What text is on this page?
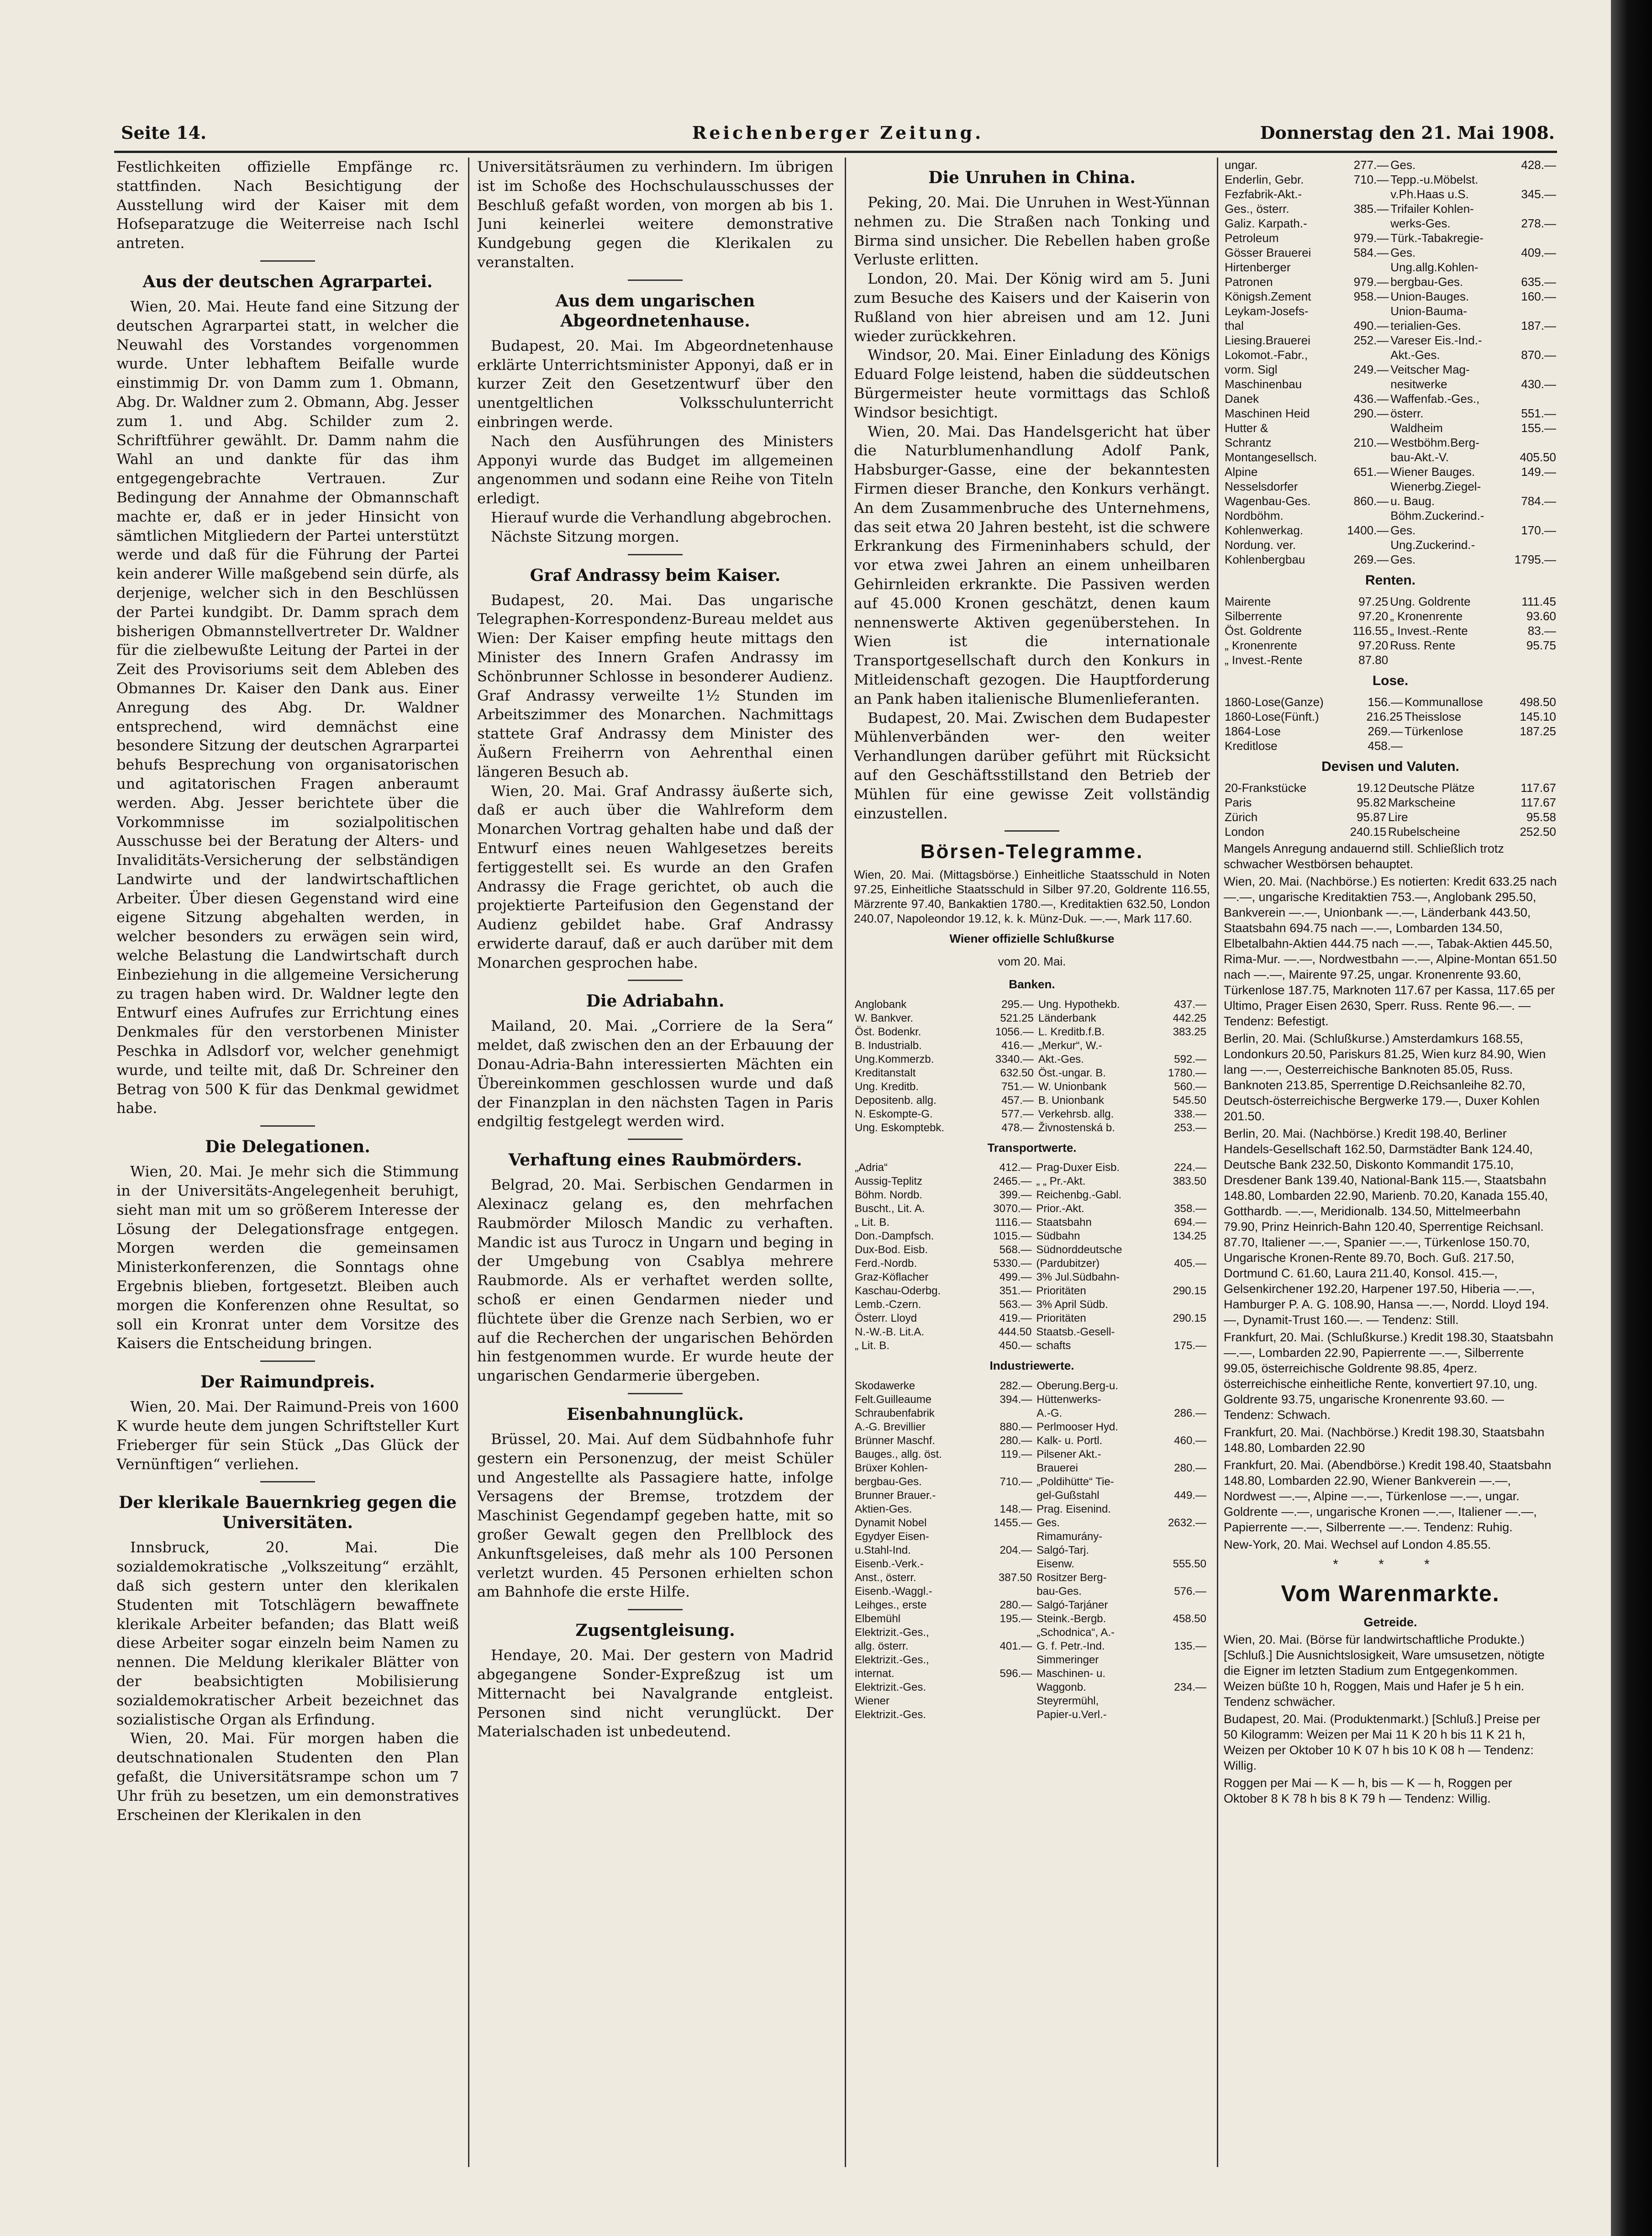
Seite 14.	Reichenberger Zeitung.	Donnerstag den 21. Mai 1908.

Festlichkeiten offizielle Empfänge rc. stattfinden. Nach Besichtigung der Ausstellung wird der Kaiser mit dem Hofseparatzuge die Weiterreise nach Ischl antreten.

Aus der deutschen Agrarpartei.

Wien, 20. Mai. Heute fand eine Sitzung der deutschen Agrarpartei statt, in welcher die Neuwahl des Vorstandes vorgenommen wurde. Unter lebhaftem Beifalle wurde einstimmig Dr. von Damm zum 1. Obmann, Abg. Dr. Waldner zum 2. Obmann, Abg. Jesser zum 1. und Abg. Schilder zum 2. Schriftführer gewählt. Dr. Damm nahm die Wahl an und dankte für das ihm entgegengebrachte Vertrauen. Zur Bedingung der Annahme der Obmannschaft machte er, daß er in jeder Hinsicht von sämtlichen Mitgliedern der Partei unterstützt werde und daß für die Führung der Partei kein anderer Wille maßgebend sein dürfe, als derjenige, welcher sich in den Beschlüssen der Partei kundgibt. Dr. Damm sprach dem bisherigen Obmannstellvertreter Dr. Waldner für die zielbewußte Leitung der Partei in der Zeit des Provisoriums seit dem Ableben des Obmannes Dr. Kaiser den Dank aus. Einer Anregung des Abg. Dr. Waldner entsprechend, wird demnächst eine besondere Sitzung der deutschen Agrarpartei behufs Besprechung von organisatorischen und agitatorischen Fragen anberaumt werden. Abg. Jesser berichtete über die Vorkommnisse im sozialpolitischen Ausschusse bei der Beratung der Alters- und Invaliditäts-Versicherung der selbständigen Landwirte und der landwirtschaftlichen Arbeiter. Über diesen Gegenstand wird eine eigene Sitzung abgehalten werden, in welcher besonders zu erwägen sein wird, welche Belastung die Landwirtschaft durch Einbeziehung in die allgemeine Versicherung zu tragen haben wird. Dr. Waldner legte den Entwurf eines Aufrufes zur Errichtung eines Denkmales für den verstorbenen Minister Peschka in Adlsdorf vor, welcher genehmigt wurde, und teilte mit, daß Dr. Schreiner den Betrag von 500 K für das Denkmal gewidmet habe.

Die Delegationen.

Wien, 20. Mai. Je mehr sich die Stimmung in der Universitäts-Angelegenheit beruhigt, sieht man mit um so größerem Interesse der Lösung der Delegationsfrage entgegen. Morgen werden die gemeinsamen Ministerkonferenzen, die Sonntags ohne Ergebnis blieben, fortgesetzt. Bleiben auch morgen die Konferenzen ohne Resultat, so soll ein Kronrat unter dem Vorsitze des Kaisers die Entscheidung bringen.

Der Raimundpreis.

Wien, 20. Mai. Der Raimund-Preis von 1600 K wurde heute dem jungen Schriftsteller Kurt Frieberger für sein Stück „Das Glück der Vernünftigen“ verliehen.

Der klerikale Bauernkrieg gegen die Universitäten.

Innsbruck, 20. Mai. Die sozialdemokratische „Volkszeitung“ erzählt, daß sich gestern unter den klerikalen Studenten mit Totschlägern bewaffnete klerikale Arbeiter befanden; das Blatt weiß diese Arbeiter sogar einzeln beim Namen zu nennen. Die Meldung klerikaler Blätter von der beabsichtigten Mobilisierung sozialdemokratischer Arbeit bezeichnet das sozialistische Organ als Erfindung.

Wien, 20. Mai. Für morgen haben die deutschnationalen Studenten den Plan gefaßt, die Universitätsrampe schon um 7 Uhr früh zu besetzen, um ein demonstratives Erscheinen der Klerikalen in den

Universitätsräumen zu verhindern. Im übrigen ist im Schoße des Hochschulausschusses der Beschluß gefaßt worden, von morgen ab bis 1. Juni keinerlei weitere demonstrative Kundgebung gegen die Klerikalen zu veranstalten.

Aus dem ungarischen Abgeordnetenhause.

Budapest, 20. Mai. Im Abgeordnetenhause erklärte Unterrichtsminister Apponyi, daß er in kurzer Zeit den Gesetzentwurf über den unentgeltlichen Volksschulunterricht einbringen werde.

Nach den Ausführungen des Ministers Apponyi wurde das Budget im allgemeinen angenommen und sodann eine Reihe von Titeln erledigt.

Hierauf wurde die Verhandlung abgebrochen.

Nächste Sitzung morgen.

Graf Andrassy beim Kaiser.

Budapest, 20. Mai. Das ungarische Telegraphen-Korrespondenz-Bureau meldet aus Wien: Der Kaiser empfing heute mittags den Minister des Innern Grafen Andrassy im Schönbrunner Schlosse in besonderer Audienz. Graf Andrassy verweilte 1½ Stunden im Arbeitszimmer des Monarchen. Nachmittags stattete Graf Andrassy dem Minister des Äußern Freiherrn von Aehrenthal einen längeren Besuch ab.

Wien, 20. Mai. Graf Andrassy äußerte sich, daß er auch über die Wahlreform dem Monarchen Vortrag gehalten habe und daß der Entwurf eines neuen Wahlgesetzes bereits fertiggestellt sei. Es wurde an den Grafen Andrassy die Frage gerichtet, ob auch die projektierte Parteifusion den Gegenstand der Audienz gebildet habe. Graf Andrassy erwiderte darauf, daß er auch darüber mit dem Monarchen gesprochen habe.

Die Adriabahn.

Mailand, 20. Mai. „Corriere de la Sera“ meldet, daß zwischen den an der Erbauung der Donau-Adria-Bahn interessierten Mächten ein Übereinkommen geschlossen wurde und daß der Finanzplan in den nächsten Tagen in Paris endgiltig festgelegt werden wird.

Verhaftung eines Raubmörders.

Belgrad, 20. Mai. Serbischen Gendarmen in Alexinacz gelang es, den mehrfachen Raubmörder Milosch Mandic zu verhaften. Mandic ist aus Turocz in Ungarn und beging in der Umgebung von Csablya mehrere Raubmorde. Als er verhaftet werden sollte, schoß er einen Gendarmen nieder und flüchtete über die Grenze nach Serbien, wo er auf die Recherchen der ungarischen Behörden hin festgenommen wurde. Er wurde heute der ungarischen Gendarmerie übergeben.

Eisenbahnunglück.

Brüssel, 20. Mai. Auf dem Südbahnhofe fuhr gestern ein Personenzug, der meist Schüler und Angestellte als Passagiere hatte, infolge Versagens der Bremse, trotzdem der Maschinist Gegendampf gegeben hatte, mit so großer Gewalt gegen den Prellblock des Ankunftsgeleises, daß mehr als 100 Personen verletzt wurden. 45 Personen erhielten schon am Bahnhofe die erste Hilfe.

Zugsentgleisung.

Hendaye, 20. Mai. Der gestern von Madrid abgegangene Sonder-Expreßzug ist um Mitternacht bei Navalgrande entgleist. Personen sind nicht verunglückt. Der Materialschaden ist unbedeutend.

Die Unruhen in China.

Peking, 20. Mai. Die Unruhen in West-Yünnan nehmen zu. Die Straßen nach Tonking und Birma sind unsicher. Die Rebellen haben große Verluste erlitten.

London, 20. Mai. Der König wird am 5. Juni zum Besuche des Kaisers und der Kaiserin von Rußland von hier abreisen und am 12. Juni wieder zurückkehren.

Windsor, 20. Mai. Einer Einladung des Königs Eduard Folge leistend, haben die süddeutschen Bürgermeister heute vormittags das Schloß Windsor besichtigt.

Wien, 20. Mai. Das Handelsgericht hat über die Naturblumenhandlung Adolf Pank, Habsburger-Gasse, eine der bekanntesten Firmen dieser Branche, den Konkurs verhängt. An dem Zusammenbruche des Unternehmens, das seit etwa 20 Jahren besteht, ist die schwere Erkrankung des Firmeninhabers schuld, der vor etwa zwei Jahren an einem unheilbaren Gehirnleiden erkrankte. Die Passiven werden auf 45.000 Kronen geschätzt, denen kaum nennenswerte Aktiven gegenüberstehen. In Wien ist die internationale Transportgesellschaft durch den Konkurs in Mitleidenschaft gezogen. Die Hauptforderung an Pank haben italienische Blumenlieferanten.

Budapest, 20. Mai. Zwischen dem Budapester Mühlenverbänden wer- den weiter Verhandlungen darüber geführt mit Rücksicht auf den Geschäftsstillstand den Betrieb der Mühlen für eine gewisse Zeit vollständig einzustellen.

Börsen-Telegramme.

Wien, 20. Mai. (Mittagsbörse.) Einheitliche Staatsschuld in Noten 97.25, Einheitliche Staatsschuld in Silber 97.20, Goldrente 116.55, Märzrente 97.40, Bankaktien 1780.—, Kreditaktien 632.50, London 240.07, Napoleondor 19.12, k. k. Münz-Duk. —.—, Mark 117.60.

Wiener offizielle Schlußkurse
vom 20. Mai.
Banken.
Anglobank	295.—	Ung. Hypothekb.	437.—
W. Bankver.	521.25	Länderbank	442.25
Öst. Bodenkr.	1056.—	L. Kreditb.f.B.	383.25
B. Industrialb.	416.—	„Merkur“, W.-	
Ung.Kommerzb.	3340.—	Akt.-Ges.	592.—
Kreditanstalt	632.50	Öst.-ungar. B.	1780.—
Ung. Kreditb.	751.—	W. Unionbank	560.—
Depositenb. allg.	457.—	B. Unionbank	545.50
N. Eskompte-G.	577.—	Verkehrsb. allg.	338.—
Ung. Eskomptebk.	478.—	Živnostenská b.	253.—
Transportwerte.
„Adria“	412.—	Prag-Duxer Eisb.	224.—
Aussig-Teplitz	2465.—	„ „ Pr.-Akt.	383.50
Böhm. Nordb.	399.—	Reichenbg.-Gabl.	
Buscht., Lit. A.	3070.—	Prior.-Akt.	358.—
„ Lit. B.	1116.—	Staatsbahn	694.—
Don.-Dampfsch.	1015.—	Südbahn	134.25
Dux-Bod. Eisb.	568.—	Südnorddeutsche	
Ferd.-Nordb.	5330.—	(Pardubitzer)	405.—
Graz-Köflacher	499.—	3% Jul.Südbahn-	
Kaschau-Oderbg.	351.—	Prioritäten	290.15
Lemb.-Czern.	563.—	3% April Südb.	
Österr. Lloyd	419.—	Prioritäten	290.15
N.-W.-B. Lit.A.	444.50	Staatsb.-Gesell-	
„ Lit. B.	450.—	schafts	175.—
Industriewerte.
Skodawerke	282.—	Oberung.Berg-u.	
Felt.Guilleaume	394.—	Hüttenwerks-	
Schraubenfabrik		A.-G.	286.—
A.-G. Brevillier	880.—	Perlmooser Hyd.	
Brünner Maschf.	280.—	Kalk- u. Portl.	460.—
Bauges., allg. öst.	119.—	Pilsener Akt.-	
Brüxer Kohlen-		Brauerei	280.—
bergbau-Ges.	710.—	„Poldihütte“ Tie-	
Brunner Brauer.-		gel-Gußstahl	449.—
Aktien-Ges.	148.—	Prag. Eisenind.	
Dynamit Nobel	1455.—	Ges.	2632.—
Egydyer Eisen-		Rimamurány-	
u.Stahl-Ind.	204.—	Salgó-Tarj.	
Eisenb.-Verk.-		Eisenw.	555.50
Anst., österr.	387.50	Rositzer Berg-	
Eisenb.-Waggl.-		bau-Ges.	576.—
Leihges., erste	280.—	Salgó-Tarjáner	
Elbemühl	195.—	Steink.-Bergb.	458.50
Elektrizit.-Ges.,		„Schodnica“, A.-	
allg. österr.	401.—	G. f. Petr.-Ind.	135.—
Elektrizit.-Ges.,		Simmeringer	
internat.	596.—	Maschinen- u.	
Elektrizit.-Ges.		Waggonb.	234.—
Wiener		Steyrermühl,	
Elektrizit.-Ges.		Papier-u.Verl.-	
ungar.	277.—	Ges.	428.—
Enderlin, Gebr.	710.—	Tepp.-u.Möbelst.	
Fezfabrik-Akt.-		v.Ph.Haas u.S.	345.—
Ges., österr.	385.—	Trifailer Kohlen-	
Galiz. Karpath.-		werks-Ges.	278.—
Petroleum	979.—	Türk.-Tabakregie-	
Gösser Brauerei	584.—	Ges.	409.—
Hirtenberger		Ung.allg.Kohlen-	
Patronen	979.—	bergbau-Ges.	635.—
Königsh.Zement	958.—	Union-Bauges.	160.—
Leykam-Josefs-		Union-Bauma-	
thal	490.—	terialien-Ges.	187.—
Liesing.Brauerei	252.—	Vareser Eis.-Ind.-	
Lokomot.-Fabr.,		Akt.-Ges.	870.—
vorm. Sigl	249.—	Veitscher Mag-	
Maschinenbau		nesitwerke	430.—
Danek	436.—	Waffenfab.-Ges.,	
Maschinen Heid	290.—	österr.	551.—
Hutter &		Waldheim	155.—
Schrantz	210.—	Westböhm.Berg-	
Montangesellsch.		bau-Akt.-V.	405.50
Alpine	651.—	Wiener Bauges.	149.—
Nesselsdorfer		Wienerbg.Ziegel-	
Wagenbau-Ges.	860.—	u. Baug.	784.—
Nordböhm.		Böhm.Zuckerind.-	
Kohlenwerkag.	1400.—	Ges.	170.—
Nordung. ver.		Ung.Zuckerind.-	
Kohlenbergbau	269.—	Ges.	1795.—
Renten.
Mairente	97.25	Ung. Goldrente	111.45
Silberrente	97.20	„ Kronenrente	93.60
Öst. Goldrente	116.55	„ Invest.-Rente	83.—
„ Kronenrente	97.20	Russ. Rente	95.75
„ Invest.-Rente	87.80		
Lose.
1860-Lose(Ganze)	156.—	Kommunallose	498.50
1860-Lose(Fünft.)	216.25	Theisslose	145.10
1864-Lose	269.—	Türkenlose	187.25
Kreditlose	458.—		
Devisen und Valuten.
20-Frankstücke	19.12	Deutsche Plätze	117.67
Paris	95.82	Markscheine	117.67
Zürich	95.87	Lire	95.58
London	240.15	Rubelscheine	252.50

Mangels Anregung andauernd still. Schließlich trotz schwacher Westbörsen behauptet.

Wien, 20. Mai. (Nachbörse.) Es notierten: Kredit 633.25 nach —.—, ungarische Kreditaktien 753.—, Anglobank 295.50, Bankverein —.—, Unionbank —.—, Länderbank 443.50, Staatsbahn 694.75 nach —.—, Lombarden 134.50, Elbetalbahn-Aktien 444.75 nach —.—, Tabak-Aktien 445.50, Rima-Mur. —.—, Nordwestbahn —.—, Alpine-Montan 651.50 nach —.—, Mairente 97.25, ungar. Kronenrente 93.60, Türkenlose 187.75, Marknoten 117.67 per Kassa, 117.65 per Ultimo, Prager Eisen 2630, Sperr. Russ. Rente 96.—. — Tendenz: Befestigt.

Berlin, 20. Mai. (Schlußkurse.) Amsterdamkurs 168.55, Londonkurs 20.50, Pariskurs 81.25, Wien kurz 84.90, Wien lang —.—, Oesterreichische Banknoten 85.05, Russ. Banknoten 213.85, Sperrentige D.Reichsanleihe 82.70, Deutsch-österreichische Bergwerke 179.—, Duxer Kohlen 201.50.

Berlin, 20. Mai. (Nachbörse.) Kredit 198.40, Berliner Handels-Gesellschaft 162.50, Darmstädter Bank 124.40, Deutsche Bank 232.50, Diskonto Kommandit 175.10, Dresdener Bank 139.40, National-Bank 115.—, Staatsbahn 148.80, Lombarden 22.90, Marienb. 70.20, Kanada 155.40, Gotthardb. —.—, Meridionalb. 134.50, Mittelmeerbahn 79.90, Prinz Heinrich-Bahn 120.40, Sperrentige Reichsanl. 87.70, Italiener —.—, Spanier —.—, Türkenlose 150.70, Ungarische Kronen-Rente 89.70, Boch. Guß. 217.50, Dortmund C. 61.60, Laura 211.40, Konsol. 415.—, Gelsenkirchener 192.20, Harpener 197.50, Hiberia —.—, Hamburger P. A. G. 108.90, Hansa —.—, Nordd. Lloyd 194.—, Dynamit-Trust 160.—. — Tendenz: Still.

Frankfurt, 20. Mai. (Schlußkurse.) Kredit 198.30, Staatsbahn —.—, Lombarden 22.90, Papierrente —.—, Silberrente 99.05, österreichische Goldrente 98.85, 4perz. österreichische einheitliche Rente, konvertiert 97.10, ung. Goldrente 93.75, ungarische Kronenrente 93.60. — Tendenz: Schwach.

Frankfurt, 20. Mai. (Nachbörse.) Kredit 198.30, Staatsbahn 148.80, Lombarden 22.90

Frankfurt, 20. Mai. (Abendbörse.) Kredit 198.40, Staatsbahn 148.80, Lombarden 22.90, Wiener Bankverein —.—, Nordwest —.—, Alpine —.—, Türkenlose —.—, ungar. Goldrente —.—, ungarische Kronen —.—, Italiener —.—, Papierrente —.—, Silberrente —.—. Tendenz: Ruhig.

New-York, 20. Mai. Wechsel auf London 4.85.55.

* * *
Vom Warenmarkte.
Getreide.

Wien, 20. Mai. (Börse für landwirtschaftliche Produkte.) [Schluß.] Die Ausnichtslosigkeit, Ware umsusetzen, nötigte die Eigner im letzten Stadium zum Entgegenkommen. Weizen büßte 10 h, Roggen, Mais und Hafer je 5 h ein. Tendenz schwächer.

Budapest, 20. Mai. (Produktenmarkt.) [Schluß.] Preise per 50 Kilogramm: Weizen per Mai 11 K 20 h bis 11 K 21 h, Weizen per Oktober 10 K 07 h bis 10 K 08 h — Tendenz: Willig.

Roggen per Mai — K — h, bis — K — h, Roggen per Oktober 8 K 78 h bis 8 K 79 h — Tendenz: Willig.
